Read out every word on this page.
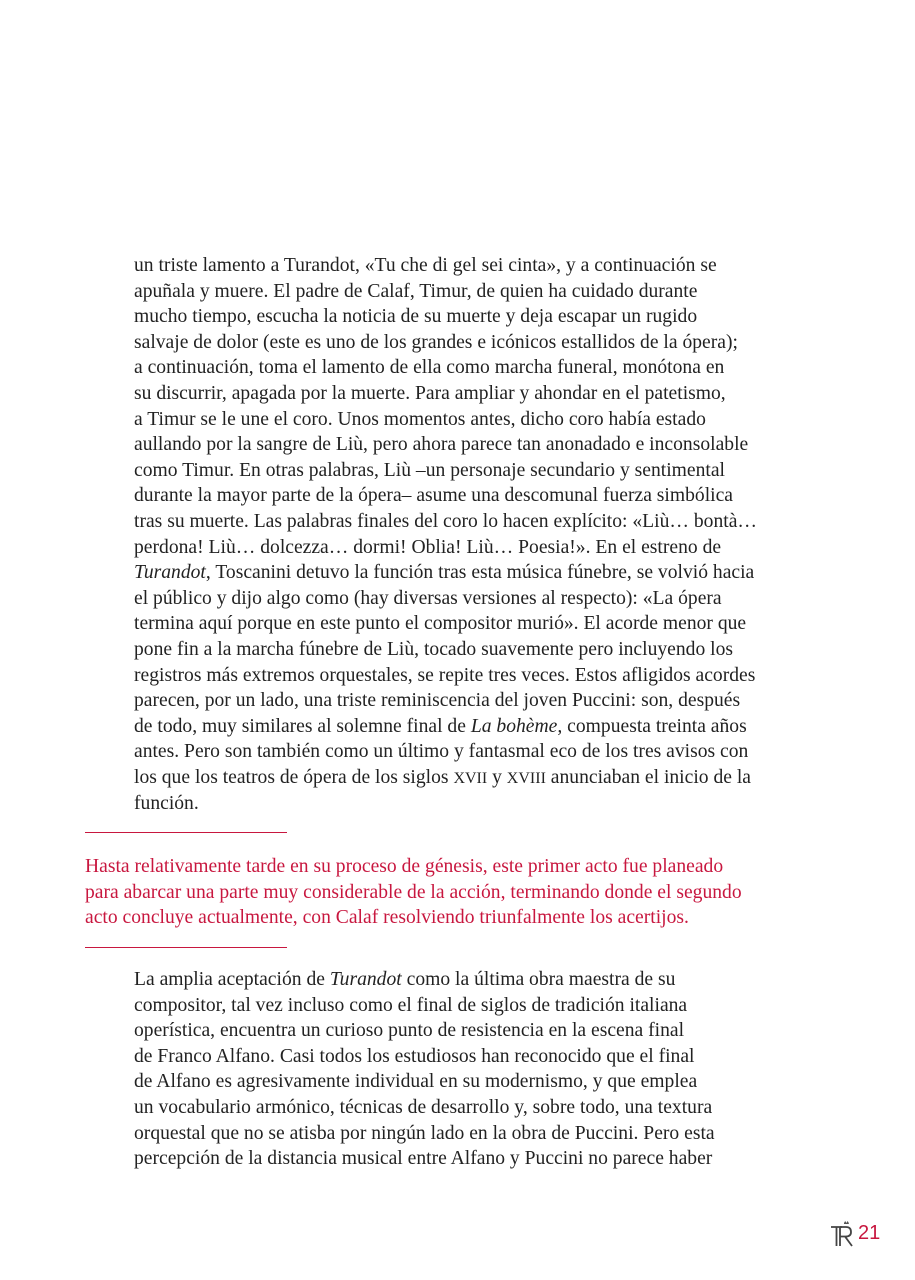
un triste lamento a Turandot, «Tu che di gel sei cinta», y a continuación se
apuñala y muere. El padre de Calaf, Timur, de quien ha cuidado durante
mucho tiempo, escucha la noticia de su muerte y deja escapar un rugido
salvaje de dolor (este es uno de los grandes e icónicos estallidos de la ópera);
a continuación, toma el lamento de ella como marcha funeral, monótona en
su discurrir, apagada por la muerte. Para ampliar y ahondar en el patetismo,
a Timur se le une el coro. Unos momentos antes, dicho coro había estado
aullando por la sangre de Liù, pero ahora parece tan anonadado e inconsolable
como Timur. En otras palabras, Liù –un personaje secundario y sentimental
durante la mayor parte de la ópera– asume una descomunal fuerza simbólica
tras su muerte. Las palabras finales del coro lo hacen explícito: «Liù… bontà…
perdona! Liù… dolcezza… dormi! Oblia! Liù… Poesia!». En el estreno de
Turandot, Toscanini detuvo la función tras esta música fúnebre, se volvió hacia
el público y dijo algo como (hay diversas versiones al respecto): «La ópera
termina aquí porque en este punto el compositor murió». El acorde menor que
pone fin a la marcha fúnebre de Liù, tocado suavemente pero incluyendo los
registros más extremos orquestales, se repite tres veces. Estos afligidos acordes
parecen, por un lado, una triste reminiscencia del joven Puccini: son, después
de todo, muy similares al solemne final de La bohème, compuesta treinta años
antes. Pero son también como un último y fantasmal eco de los tres avisos con
los que los teatros de ópera de los siglos XVII y XVIII anunciaban el inicio de la
función.
Hasta relativamente tarde en su proceso de génesis, este primer acto fue planeado
para abarcar una parte muy considerable de la acción, terminando donde el segundo
acto concluye actualmente, con Calaf resolviendo triunfalmente los acertijos.
La amplia aceptación de Turandot como la última obra maestra de su
compositor, tal vez incluso como el final de siglos de tradición italiana
operística, encuentra un curioso punto de resistencia en la escena final
de Franco Alfano. Casi todos los estudiosos han reconocido que el final
de Alfano es agresivamente individual en su modernismo, y que emplea
un vocabulario armónico, técnicas de desarrollo y, sobre todo, una textura
orquestal que no se atisba por ningún lado en la obra de Puccini. Pero esta
percepción de la distancia musical entre Alfano y Puccini no parece haber
21
